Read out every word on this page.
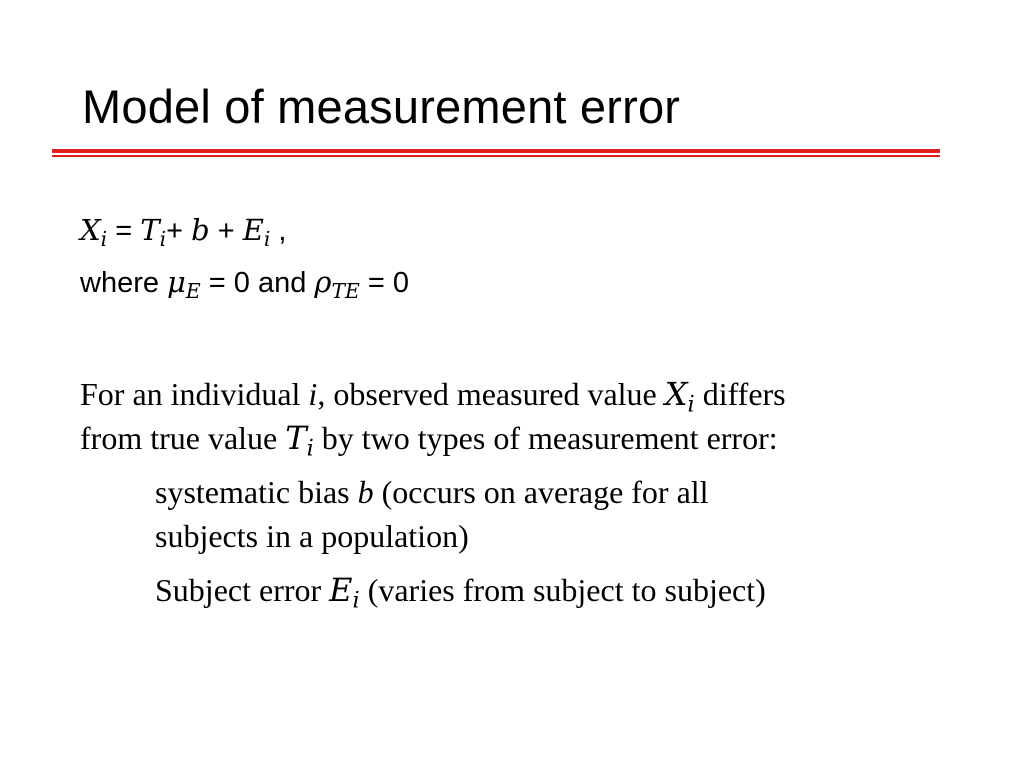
Model of measurement error
$X_i = T_i+ b + E_i$ ,
where $\mu_E = 0$ and $\rho_{TE} = 0$
For an individual i, observed measured value $X_i$ differs
from true value $T_i$ by two types of measurement error:
systematic bias b (occurs on average for all
subjects in a population)
Subject error $E_i$ (varies from subject to subject)
